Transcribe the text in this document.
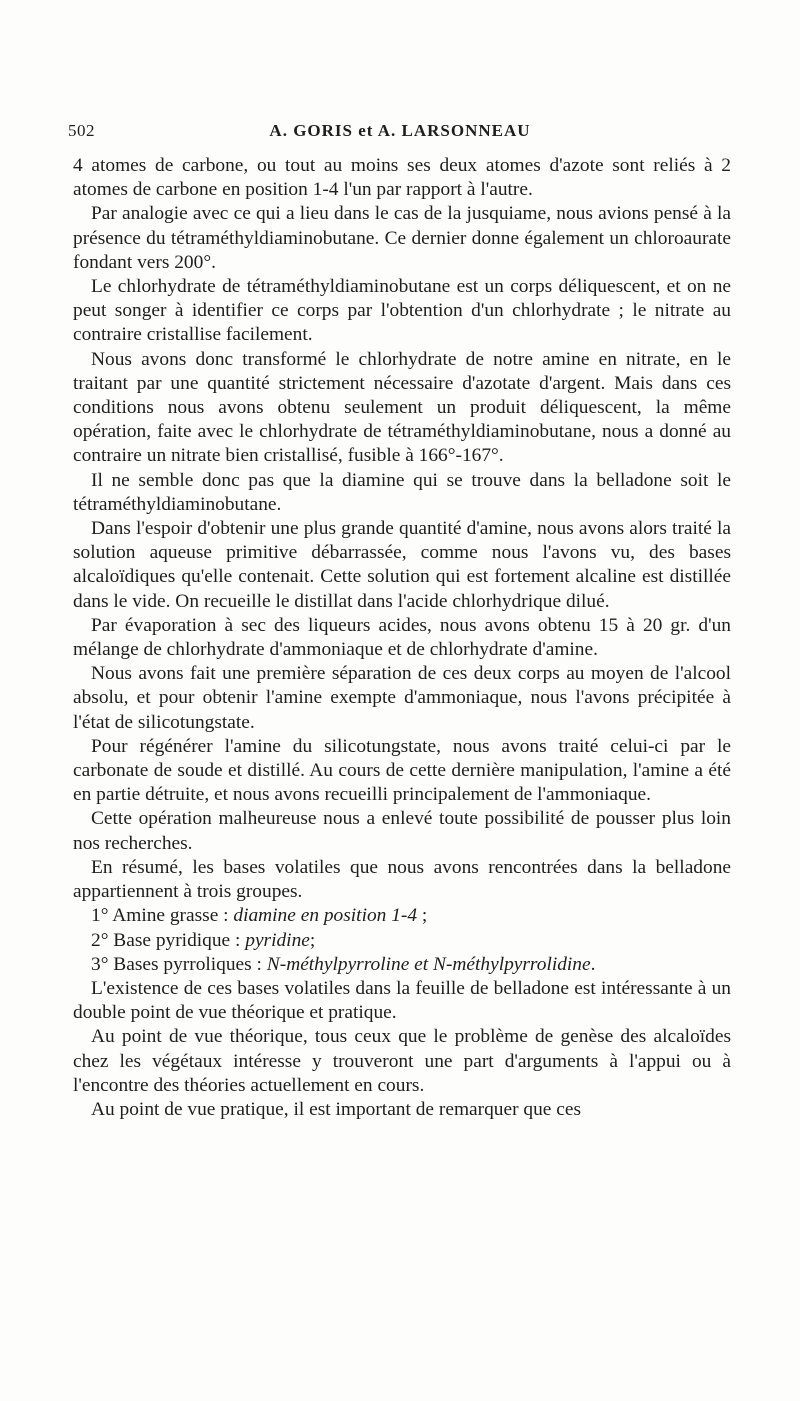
502	A. GORIS et A. LARSONNEAU

4 atomes de carbone, ou tout au moins ses deux atomes d'azote sont reliés à 2 atomes de carbone en position 1-4 l'un par rapport à l'autre.

Par analogie avec ce qui a lieu dans le cas de la jusquiame, nous avions pensé à la présence du tétraméthyldiaminobutane. Ce dernier donne également un chloroaurate fondant vers 200°.

Le chlorhydrate de tétraméthyldiaminobutane est un corps déliquescent, et on ne peut songer à identifier ce corps par l'obtention d'un chlorhydrate ; le nitrate au contraire cristallise facilement.

Nous avons donc transformé le chlorhydrate de notre amine en nitrate, en le traitant par une quantité strictement nécessaire d'azotate d'argent. Mais dans ces conditions nous avons obtenu seulement un produit déliquescent, la même opération, faite avec le chlorhydrate de tétraméthyldiaminobutane, nous a donné au contraire un nitrate bien cristallisé, fusible à 166°-167°.

Il ne semble donc pas que la diamine qui se trouve dans la belladone soit le tétraméthyldiaminobutane.

Dans l'espoir d'obtenir une plus grande quantité d'amine, nous avons alors traité la solution aqueuse primitive débarrassée, comme nous l'avons vu, des bases alcaloïdiques qu'elle contenait. Cette solution qui est fortement alcaline est distillée dans le vide. On recueille le distillat dans l'acide chlorhydrique dilué.

Par évaporation à sec des liqueurs acides, nous avons obtenu 15 à 20 gr. d'un mélange de chlorhydrate d'ammoniaque et de chlorhydrate d'amine.

Nous avons fait une première séparation de ces deux corps au moyen de l'alcool absolu, et pour obtenir l'amine exempte d'ammoniaque, nous l'avons précipitée à l'état de silicotungstate.

Pour régénérer l'amine du silicotungstate, nous avons traité celui-ci par le carbonate de soude et distillé. Au cours de cette dernière manipulation, l'amine a été en partie détruite, et nous avons recueilli principalement de l'ammoniaque.

Cette opération malheureuse nous a enlevé toute possibilité de pousser plus loin nos recherches.

En résumé, les bases volatiles que nous avons rencontrées dans la belladone appartiennent à trois groupes.

1° Amine grasse : diamine en position 1-4 ;

2° Base pyridique : pyridine;

3° Bases pyrroliques : N-méthylpyrroline et N-méthylpyrrolidine.

L'existence de ces bases volatiles dans la feuille de belladone est intéressante à un double point de vue théorique et pratique.

Au point de vue théorique, tous ceux que le problème de genèse des alcaloïdes chez les végétaux intéresse y trouveront une part d'arguments à l'appui ou à l'encontre des théories actuellement en cours.

Au point de vue pratique, il est important de remarquer que ces
